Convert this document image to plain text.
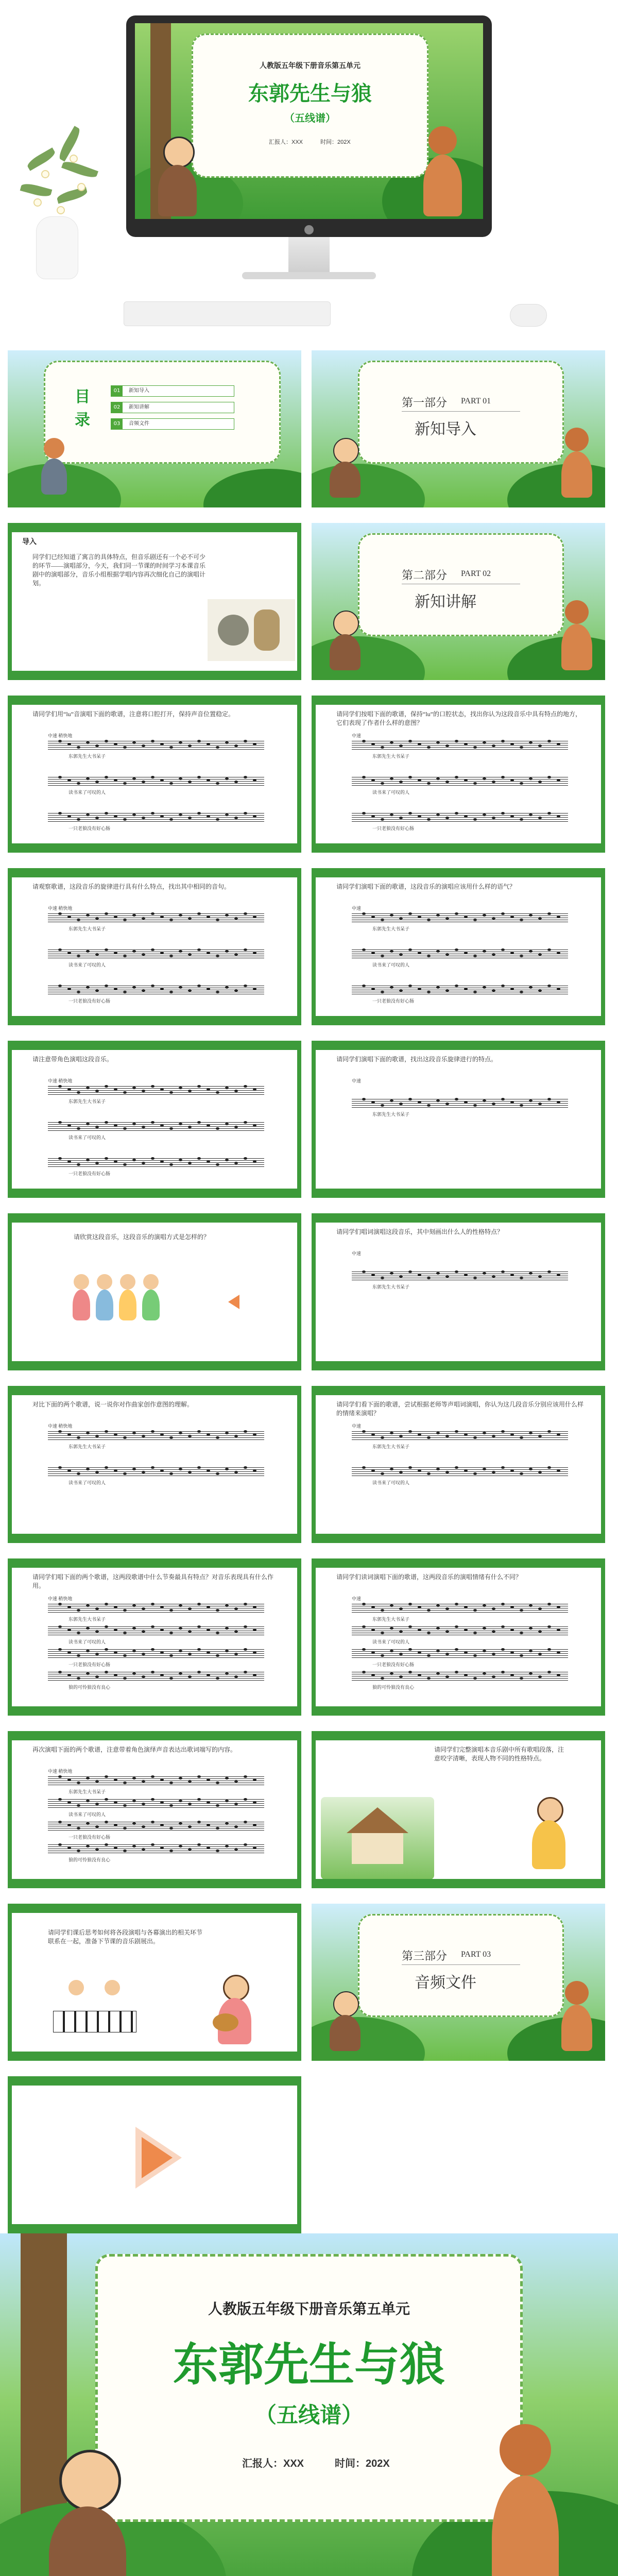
人教版五年级下册音乐第五单元
东郭先生与狼
（五线谱）
汇报人：XXX	时间：202X
目
录
01	新知导入
02	新知讲解
03	音频文件
第一部分 PART 01
新知导入
导入
同学们已经知道了寓言的具体特点，但音乐剧还有一个必不可少的环节——演唱部分，今天，我们同一节课的时间学习本课音乐剧中的演唱部分，音乐小组根据学唱内容再次细化自己的演唱计划。
第二部分 PART 02
新知讲解
请同学们用“lu”音演唱下面的歌谱，注意将口腔打开，保持声音位置稳定。
中速 稍快地
东郭先生大书呆子
读书来了可叹的人
一只老狼没有好心肠
请同学们按唱下面的歌谱，保持“lu”的口腔状态，找出你认为这段音乐中具有特点的地方，它们表现了作者什么样的意图？
中速
东郭先生大书呆子
读书来了可叹的人
一只老狼没有好心肠
请观察歌谱，这段音乐的旋律进行具有什么特点，找出其中相同的音句。
中速 稍快地
东郭先生大书呆子
读书来了可叹的人
一只老狼没有好心肠
请同学们演唱下面的歌谱，这段音乐的演唱应该用什么样的语气？
中速
东郭先生大书呆子
读书来了可叹的人
一只老狼没有好心肠
请注意带角色演唱这段音乐。
中速 稍快地
东郭先生大书呆子
读书来了可叹的人
一只老狼没有好心肠
请同学们演唱下面的歌谱，找出这段音乐旋律进行的特点。
中速
东郭先生大书呆子
请欣赏这段音乐，这段音乐的演唱方式是怎样的？
请同学们唱词演唱这段音乐，其中刻画出什么人的性格特点？
中速
东郭先生大书呆子
对比下面的两个歌谱，说一说你对作曲家创作意图的理解。
中速 稍快地
东郭先生大书呆子
读书来了可叹的人
请同学们看下面的歌谱，尝试根据老师等声唱词演唱，你认为这几段音乐分别应该用什么样的情绪来演唱？
中速
东郭先生大书呆子
读书来了可叹的人
请同学们唱下面的两个歌谱，这两段歌谱中什么节奏最具有特点？对音乐表现具有什么作用。
中速 稍快地
东郭先生大书呆子
读书来了可叹的人
一只老狼没有好心肠
狼的可怜狼没有良心
请同学们读词演唱下面的歌谱，这两段音乐的演唱情绪有什么不同？
中速
东郭先生大书呆子
读书来了可叹的人
一只老狼没有好心肠
狼的可怜狼没有良心
再次演唱下面的两个歌谱，注意带着角色演绎声音表达出歌词端写的内容。
中速 稍快地
东郭先生大书呆子
读书来了可叹的人
一只老狼没有好心肠
狼的可怜狼没有良心
请同学们完整演唱本音乐剧中所有歌唱段落，注意咬字清晰，表现人物不同的性格特点。
请同学们课后思考如何将各段演唱与各幕演出的相关环节联系在一起，准备下节课的音乐剧展出。
第三部分 PART 03
音频文件
人教版五年级下册音乐第五单元
东郭先生与狼
（五线谱）
汇报人：XXX	时间：202X
